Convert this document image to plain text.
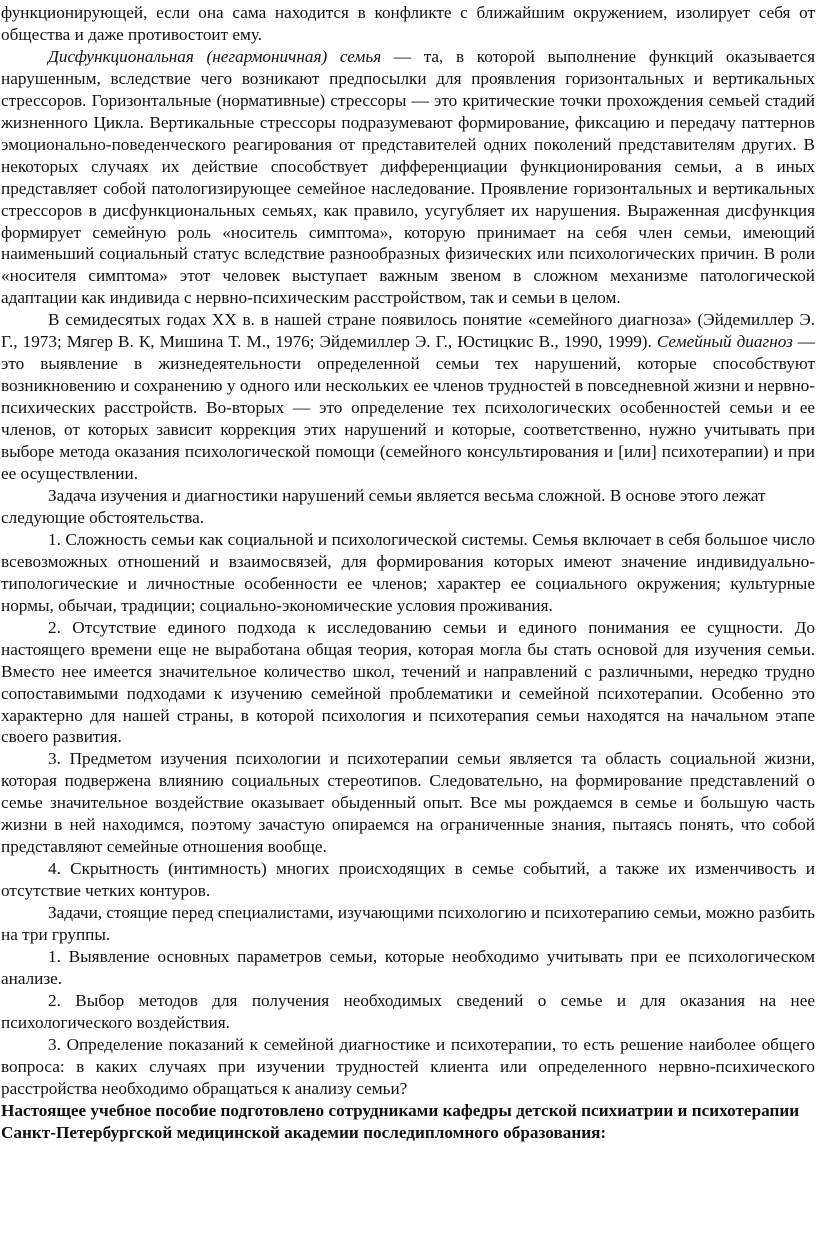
функционирующей, если она сама находится в конфликте с ближайшим окружением, изолирует себя от общества и даже противостоит ему.

Дисфункциональная (негармоничная) семья — та, в которой выполнение функций оказывается нарушенным, вследствие чего возникают предпосылки для проявления горизонтальных и вертикальных стрессоров. Горизонтальные (нормативные) стрессоры — это критические точки прохождения семьей стадий жизненного Цикла. Вертикальные стрессоры подразумевают формирование, фиксацию и передачу паттернов эмоционально-поведенческого реагирования от представителей одних поколений представителям других. В некоторых случаях их действие способствует дифференциации функционирования семьи, а в иных представляет собой патологизирующее семейное наследование. Проявление горизонтальных и вертикальных стрессоров в дисфункциональных семьях, как правило, усугубляет их нарушения. Выраженная дисфункция формирует семейную роль «носитель симптома», которую принимает на себя член семьи, имеющий наименьший социальный статус вследствие разнообразных физических или психологических причин. В роли «носителя симптома» этот человек выступает важным звеном в сложном механизме патологической адаптации как индивида с нервно-психическим расстройством, так и семьи в целом.

В семидесятых годах XX в. в нашей стране появилось понятие «семейного диагноза» (Эйдемиллер Э. Г., 1973; Мягер В. К, Мишина Т. М., 1976; Эйдемиллер Э. Г., Юстицкис В., 1990, 1999). Семейный диагноз — это выявление в жизнедеятельности определенной семьи тех нарушений, которые способствуют возникновению и сохранению у одного или нескольких ее членов трудностей в повседневной жизни и нервно-психических расстройств. Во-вторых — это определение тех психологических особенностей семьи и ее членов, от которых зависит коррекция этих нарушений и которые, соответственно, нужно учитывать при выборе метода оказания психологической помощи (семейного консультирования и [или] психотерапии) и при ее осуществлении.

Задача изучения и диагностики нарушений семьи является весьма сложной. В основе этого лежат следующие обстоятельства.

1. Сложность семьи как социальной и психологической системы. Семья включает в себя большое число всевозможных отношений и взаимосвязей, для формирования которых имеют значение индивидуально-типологические и личностные особенности ее членов; характер ее социального окружения; культурные нормы, обычаи, традиции; социально-экономические условия проживания.

2. Отсутствие единого подхода к исследованию семьи и единого понимания ее сущности. До настоящего времени еще не выработана общая теория, которая могла бы стать основой для изучения семьи. Вместо нее имеется значительное количество школ, течений и направлений с различными, нередко трудно сопоставимыми подходами к изучению семейной проблематики и семейной психотерапии. Особенно это характерно для нашей страны, в которой психология и психотерапия семьи находятся на начальном этапе своего развития.

3. Предметом изучения психологии и психотерапии семьи является та область социальной жизни, которая подвержена влиянию социальных стереотипов. Следовательно, на формирование представлений о семье значительное воздействие оказывает обыденный опыт. Все мы рождаемся в семье и большую часть жизни в ней находимся, поэтому зачастую опираемся на ограниченные знания, пытаясь понять, что собой представляют семейные отношения вообще.

4. Скрытность (интимность) многих происходящих в семье событий, а также их изменчивость и отсутствие четких контуров.

Задачи, стоящие перед специалистами, изучающими психологию и психотерапию семьи, можно разбить на три группы.

1. Выявление основных параметров семьи, которые необходимо учитывать при ее психологическом анализе.

2. Выбор методов для получения необходимых сведений о семье и для оказания на нее психологического воздействия.

3. Определение показаний к семейной диагностике и психотерапии, то есть решение наиболее общего вопроса: в каких случаях при изучении трудностей клиента или определенного нервно-психического расстройства необходимо обращаться к анализу семьи?

Настоящее учебное пособие подготовлено сотрудниками кафедры детской психиатрии и психотерапии Санкт-Петербургской медицинской академии последипломного образования:
